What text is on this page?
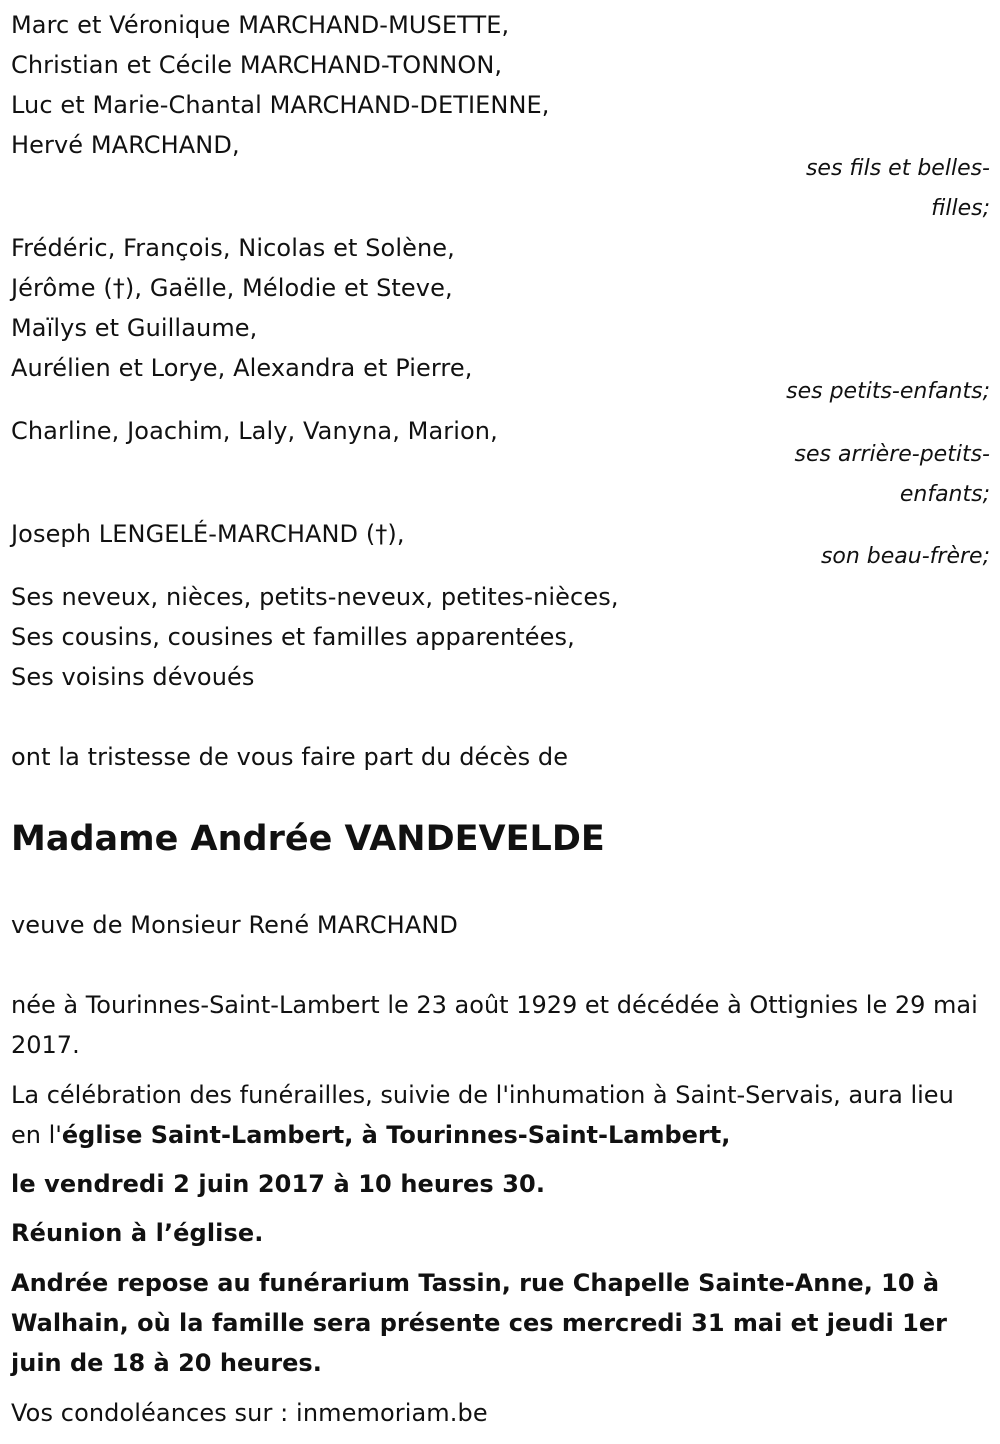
Marc et Véronique MARCHAND-MUSETTE,
Christian et Cécile MARCHAND-TONNON,
Luc et Marie-Chantal MARCHAND-DETIENNE,
Hervé MARCHAND,
ses fils et belles-
filles;
Frédéric, François, Nicolas et Solène,
Jérôme (†), Gaëlle, Mélodie et Steve,
Maïlys et Guillaume,
Aurélien et Lorye, Alexandra et Pierre,
ses petits-enfants;
Charline, Joachim, Laly, Vanyna, Marion,
ses arrière-petits-
enfants;
Joseph LENGELÉ-MARCHAND (†),
son beau-frère;
Ses neveux, nièces, petits-neveux, petites-nièces,
Ses cousins, cousines et familles apparentées,
Ses voisins dévoués
ont la tristesse de vous faire part du décès de
Madame Andrée VANDEVELDE
veuve de Monsieur René MARCHAND
née à Tourinnes-Saint-Lambert le 23 août 1929 et décédée à Ottignies le 29 mai 2017.
La célébration des funérailles, suivie de l'inhumation à Saint-Servais, aura lieu en l'église Saint-Lambert, à Tourinnes-Saint-Lambert,
le vendredi 2 juin 2017 à 10 heures 30.
Réunion à l’église.
Andrée repose au funérarium Tassin, rue Chapelle Sainte-Anne, 10 à Walhain, où la famille sera présente ces mercredi 31 mai et jeudi 1er juin de 18 à 20 heures.
Vos condoléances sur : inmemoriam.be
